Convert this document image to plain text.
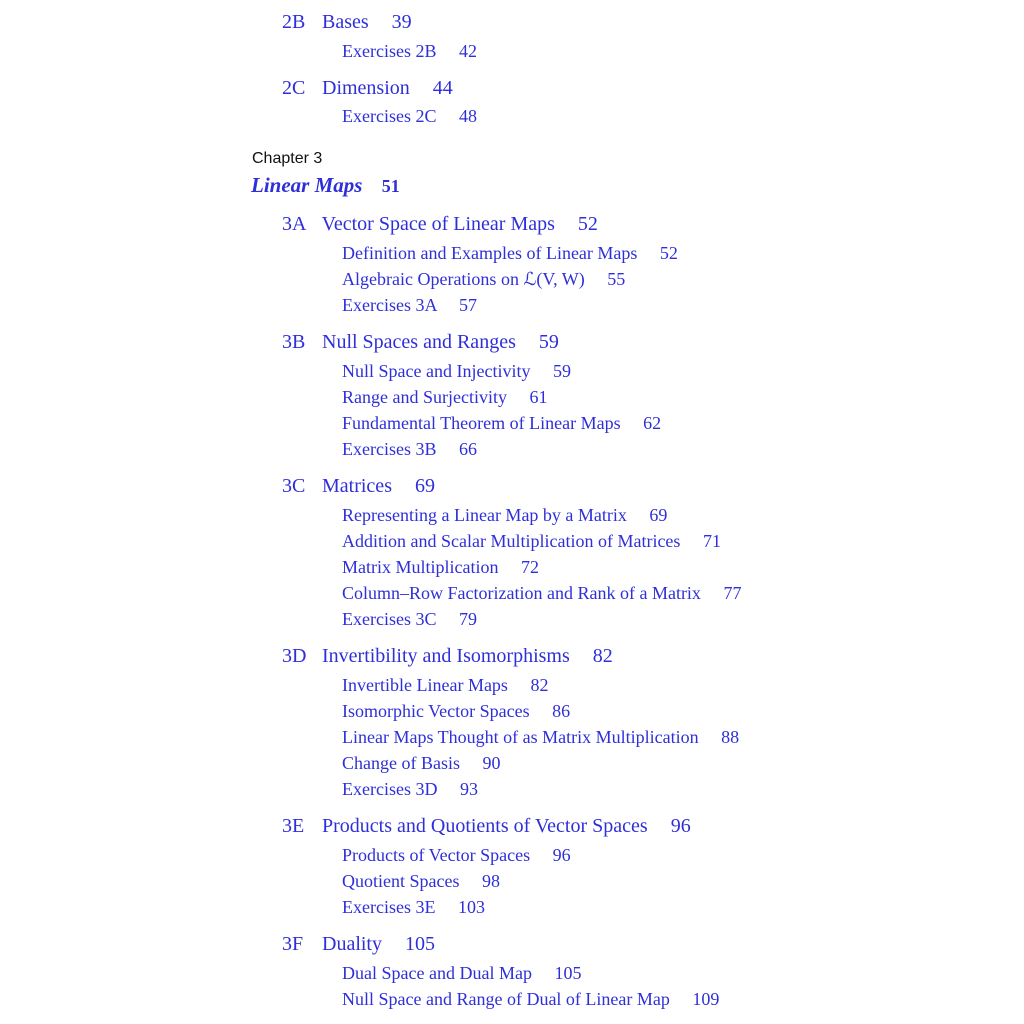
2B Bases 39
Exercises 2B 42
2C Dimension 44
Exercises 2C 48
Chapter 3
Linear Maps 51
3A Vector Space of Linear Maps 52
Definition and Examples of Linear Maps 52
Algebraic Operations on ℒ(V, W) 55
Exercises 3A 57
3B Null Spaces and Ranges 59
Null Space and Injectivity 59
Range and Surjectivity 61
Fundamental Theorem of Linear Maps 62
Exercises 3B 66
3C Matrices 69
Representing a Linear Map by a Matrix 69
Addition and Scalar Multiplication of Matrices 71
Matrix Multiplication 72
Column–Row Factorization and Rank of a Matrix 77
Exercises 3C 79
3D Invertibility and Isomorphisms 82
Invertible Linear Maps 82
Isomorphic Vector Spaces 86
Linear Maps Thought of as Matrix Multiplication 88
Change of Basis 90
Exercises 3D 93
3E Products and Quotients of Vector Spaces 96
Products of Vector Spaces 96
Quotient Spaces 98
Exercises 3E 103
3F Duality 105
Dual Space and Dual Map 105
Null Space and Range of Dual of Linear Map 109
